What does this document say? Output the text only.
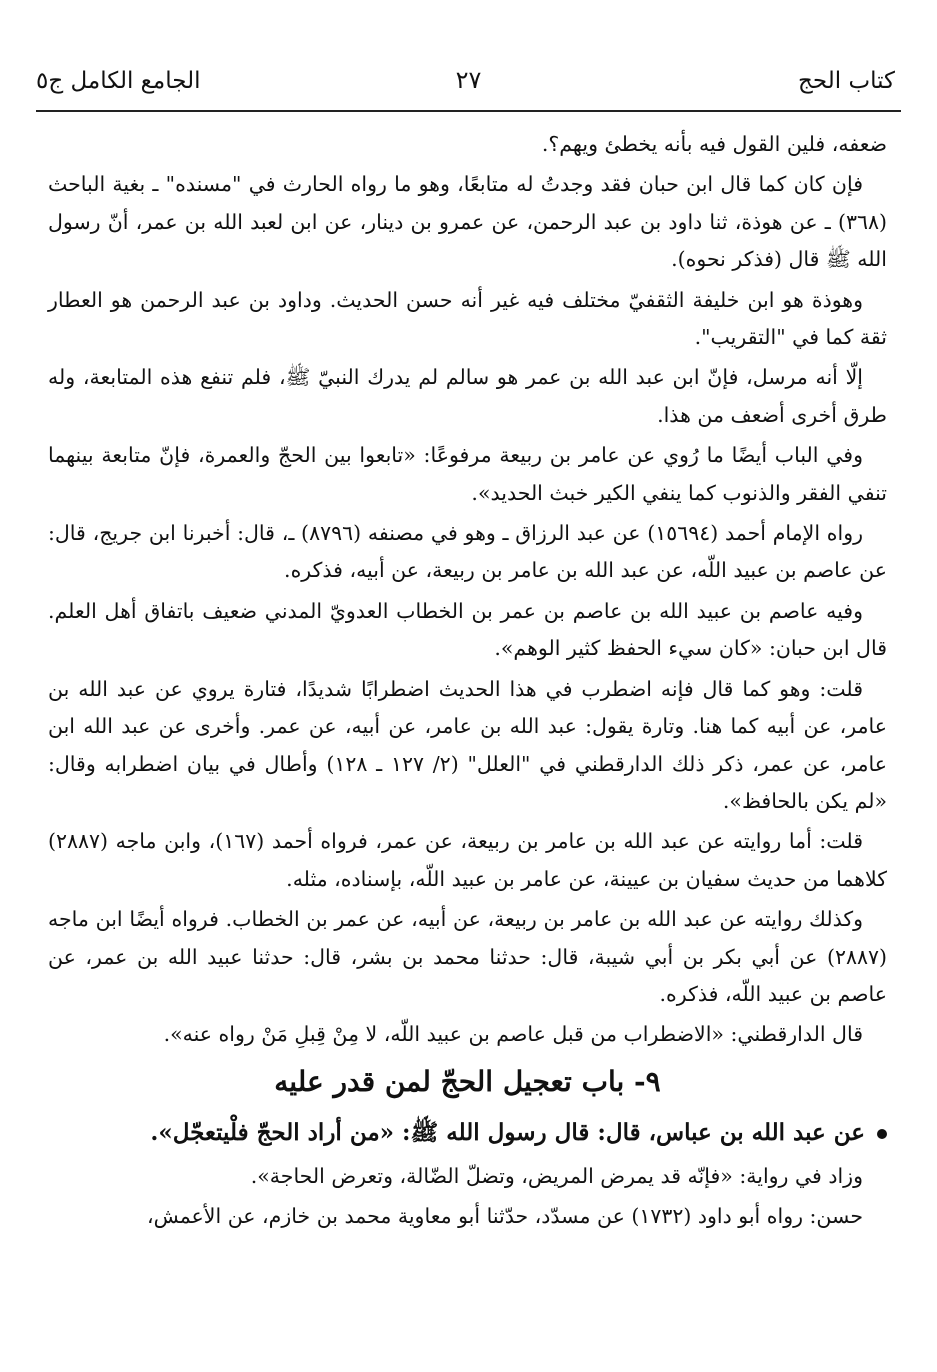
كتاب الحج
٢٧
الجامع الكامل ج٥

ضعفه، فلين القول فيه بأنه يخطئ ويهم؟.

فإن كان كما قال ابن حبان فقد وجدتُ له متابعًا، وهو ما رواه الحارث في "مسنده" ـ بغية الباحث (٣٦٨) ـ عن هوذة، ثنا داود بن عبد الرحمن، عن عمرو بن دينار، عن ابن لعبد الله بن عمر، أنّ رسول الله ﷺ قال (فذكر نحوه).

وهوذة هو ابن خليفة الثقفيّ مختلف فيه غير أنه حسن الحديث. وداود بن عبد الرحمن هو العطار ثقة كما في "التقريب".

إلّا أنه مرسل، فإنّ ابن عبد الله بن عمر هو سالم لم يدرك النبيّ ﷺ، فلم تنفع هذه المتابعة، وله طرق أخرى أضعف من هذا.

وفي الباب أيضًا ما رُوي عن عامر بن ربيعة مرفوعًا: «تابعوا بين الحجّ والعمرة، فإنّ متابعة بينهما تنفي الفقر والذنوب كما ينفي الكير خبث الحديد».

رواه الإمام أحمد (١٥٦٩٤) عن عبد الرزاق ـ وهو في مصنفه (٨٧٩٦) ـ، قال: أخبرنا ابن جريج، قال: عن عاصم بن عبيد اللّه، عن عبد الله بن عامر بن ربيعة، عن أبيه، فذكره.

وفيه عاصم بن عبيد الله بن عاصم بن عمر بن الخطاب العدويّ المدني ضعيف باتفاق أهل العلم. قال ابن حبان: «كان سيء الحفظ كثير الوهم».

قلت: وهو كما قال فإنه اضطرب في هذا الحديث اضطرابًا شديدًا، فتارة يروي عن عبد الله بن عامر، عن أبيه كما هنا. وتارة يقول: عبد الله بن عامر، عن أبيه، عن عمر. وأخرى عن عبد الله ابن عامر، عن عمر، ذكر ذلك الدارقطني في "العلل" (٢/ ١٢٧ ـ ١٢٨) وأطال في بيان اضطرابه وقال: «لم يكن بالحافظ».

قلت: أما روايته عن عبد الله بن عامر بن ربيعة، عن عمر، فرواه أحمد (١٦٧)، وابن ماجه (٢٨٨٧) كلاهما من حديث سفيان بن عيينة، عن عامر بن عبيد اللّه، بإسناده، مثله.

وكذلك روايته عن عبد الله بن عامر بن ربيعة، عن أبيه، عن عمر بن الخطاب. فرواه أيضًا ابن ماجه (٢٨٨٧) عن أبي بكر بن أبي شيبة، قال: حدثنا محمد بن بشر، قال: حدثنا عبيد الله بن عمر، عن عاصم بن عبيد اللّه، فذكره.

قال الدارقطني: «الاضطراب من قبل عاصم بن عبيد اللّه، لا مِنْ قِبلِ مَنْ رواه عنه».

٩- باب تعجيل الحجّ لمن قدر عليه

عن عبد الله بن عباس، قال: قال رسول الله ﷺ: «من أراد الحجّ فلْيتعجّل».

وزاد في رواية: «فإنّه قد يمرض المريض، وتضلّ الضّالة، وتعرض الحاجة».

حسن: رواه أبو داود (١٧٣٢) عن مسدّد، حدّثنا أبو معاوية محمد بن خازم، عن الأعمش،
